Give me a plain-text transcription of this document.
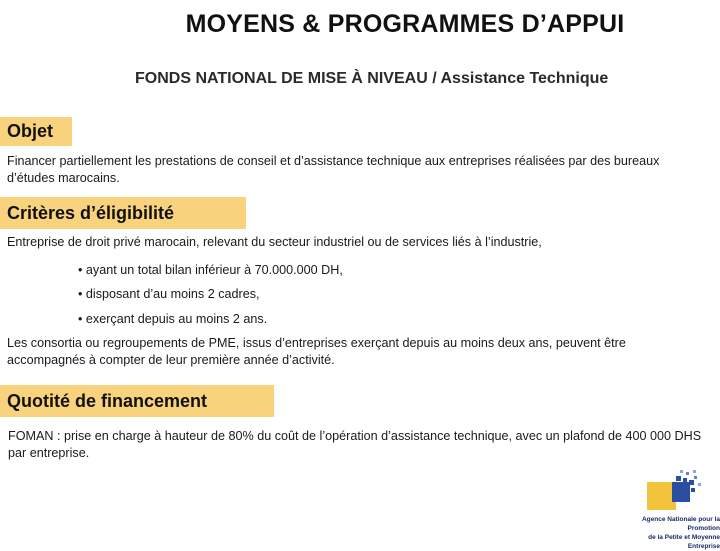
MOYENS & PROGRAMMES D’APPUI
FONDS NATIONAL DE MISE À NIVEAU / Assistance Technique
Objet
Financer partiellement les prestations de conseil et d’assistance technique aux entreprises réalisées par des bureaux d’études marocains.
Critères d’éligibilité
Entreprise de droit privé marocain, relevant du secteur industriel ou de services liés à l’industrie,
• ayant un total bilan inférieur à 70.000.000 DH,
• disposant d’au moins 2 cadres,
• exerçant depuis au moins 2 ans.
Les consortia ou regroupements de PME, issus d’entreprises exerçant depuis au moins deux ans, peuvent être accompagnés à compter de leur première année d’activité.
Quotité de financement
FOMAN : prise en charge à hauteur de 80% du coût de l’opération d’assistance technique, avec un plafond de 400 000 DHS par entreprise.
Agence Nationale pour la Promotion
de la Petite et Moyenne Entreprise
